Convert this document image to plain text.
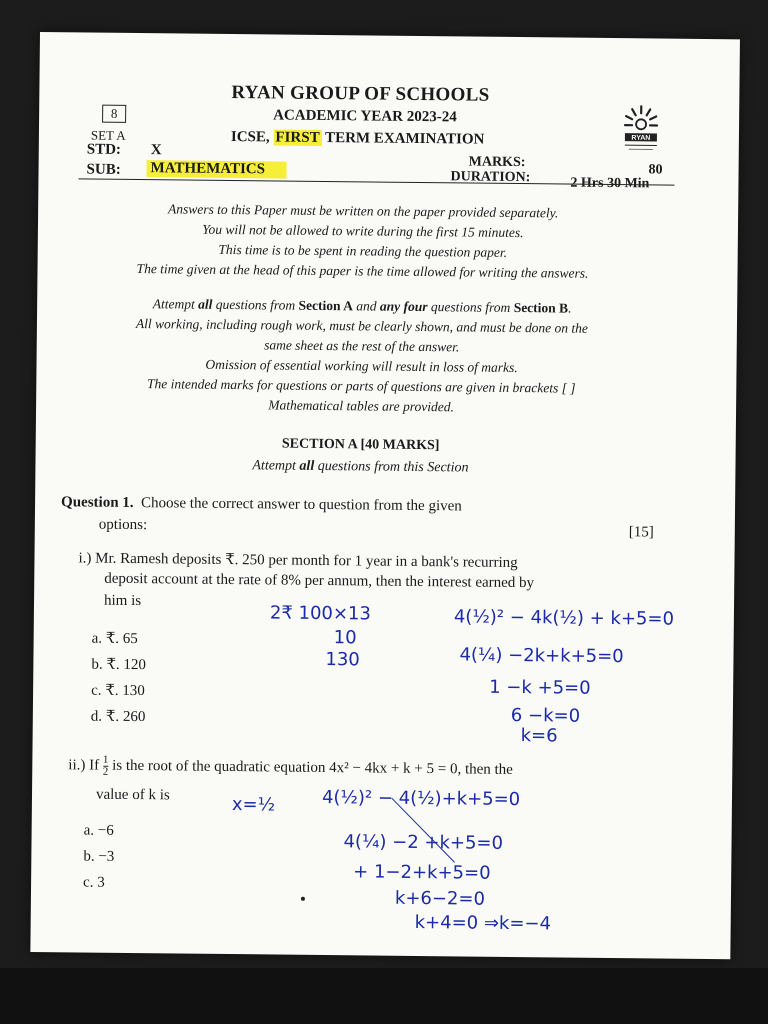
RYAN GROUP OF SCHOOLS
ACADEMIC YEAR 2023-24
ICSE, FIRST TERM EXAMINATION
8
SET A
STD: X
SUB: MATHEMATICS	MARKS:	80
DURATION:	2 Hrs 30 Min
RYAN
Answers to this Paper must be written on the paper provided separately.
You will not be allowed to write during the first 15 minutes.
This time is to be spent in reading the question paper.
The time given at the head of this paper is the time allowed for writing the answers.
Attempt all questions from Section A and any four questions from Section B.
All working, including rough work, must be clearly shown, and must be done on the
same sheet as the rest of the answer.
Omission of essential working will result in loss of marks.
The intended marks for questions or parts of questions are given in brackets [ ]
Mathematical tables are provided.
SECTION A [40 MARKS]
Attempt all questions from this Section
Question 1. Choose the correct answer to question from the given
options:	[15]
i.) Mr. Ramesh deposits ₹. 250 per month for 1 year in a bank's recurring
deposit account at the rate of 8% per annum, then the interest earned by
him is
a. ₹. 65
b. ₹. 120
c. ₹. 130
d. ₹. 260
ii.) If $\frac{1}{2}$ is the root of the quadratic equation 4x² − 4kx + k + 5 = 0, then the
value of k is
a. −6
b. −3
c. 3
2₹ 100×13
10
130
4(½)² − 4k(½) + k+5=0
4(¼) −2k+k+5=0
1 −k +5=0
6 −k=0
k=6
x=½	4(½)² − 4(½)+k+5=0
4(¼) −2 +k+5=0
+ 1−2+k+5=0
k+6−2=0
k+4=0 ⇒k=−4
